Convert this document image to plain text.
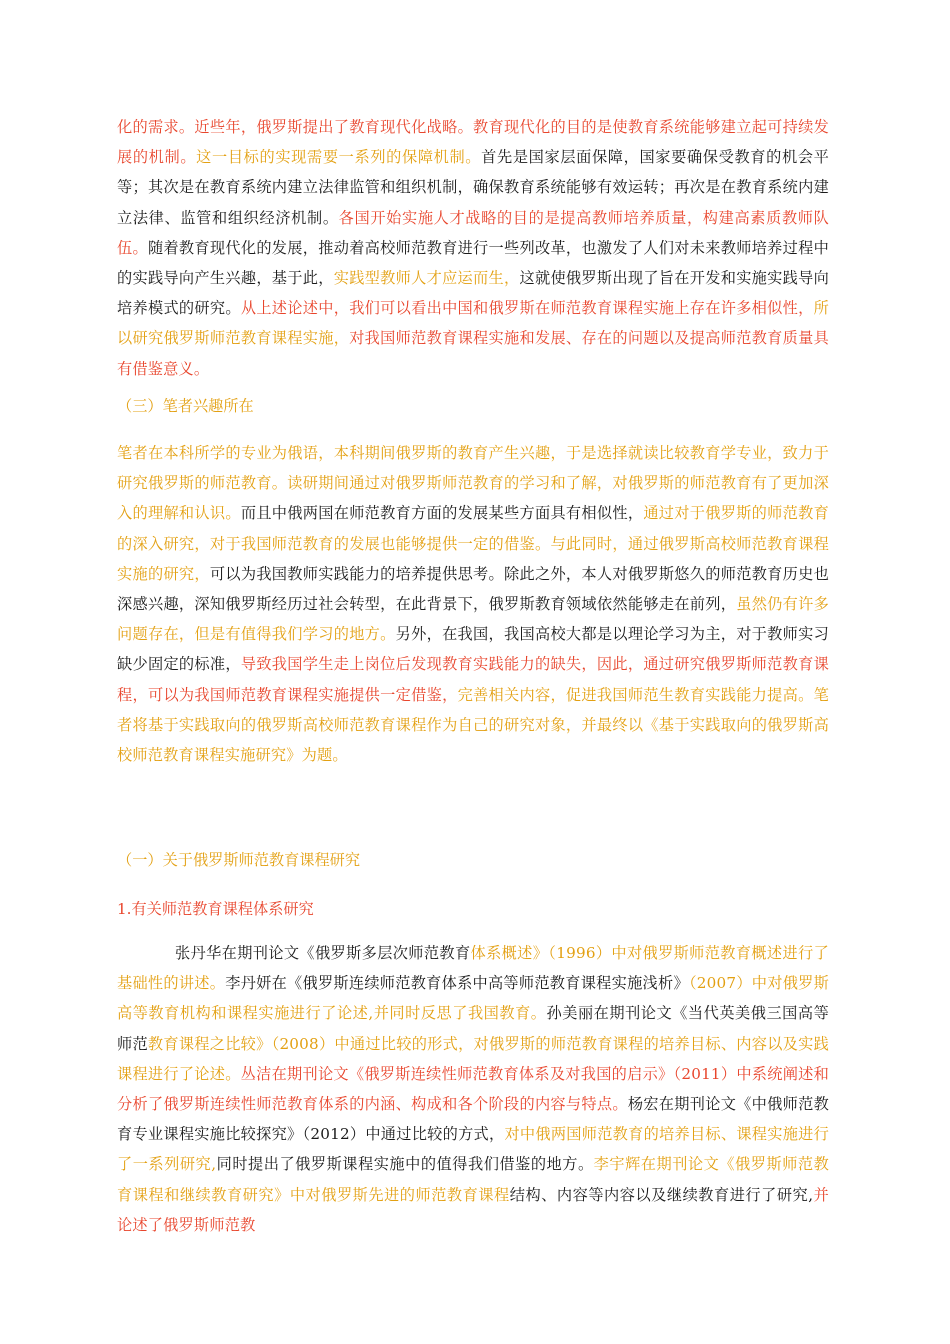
化的需求。近些年，俄罗斯提出了教育现代化战略。教育现代化的目的是使教育系统能够建立起可持续发展的机制。这一目标的实现需要一系列的保障机制。首先是国家层面保障，国家要确保受教育的机会平等；其次是在教育系统内建立法律监管和组织机制，确保教育系统能够有效运转；再次是在教育系统内建立法律、监管和组织经济机制。各国开始实施人才战略的目的是提高教师培养质量，构建高素质教师队伍。随着教育现代化的发展，推动着高校师范教育进行一些列改革，也激发了人们对未来教师培养过程中的实践导向产生兴趣，基于此，实践型教师人才应运而生，这就使俄罗斯出现了旨在开发和实施实践导向培养模式的研究。从上述论述中，我们可以看出中国和俄罗斯在师范教育课程实施上存在许多相似性，所以研究俄罗斯师范教育课程实施，对我国师范教育课程实施和发展、存在的问题以及提高师范教育质量具有借鉴意义。

（三）笔者兴趣所在

笔者在本科所学的专业为俄语，本科期间俄罗斯的教育产生兴趣，于是选择就读比较教育学专业，致力于研究俄罗斯的师范教育。读研期间通过对俄罗斯师范教育的学习和了解，对俄罗斯的师范教育有了更加深入的理解和认识。而且中俄两国在师范教育方面的发展某些方面具有相似性，通过对于俄罗斯的师范教育的深入研究，对于我国师范教育的发展也能够提供一定的借鉴。与此同时，通过俄罗斯高校师范教育课程实施的研究，可以为我国教师实践能力的培养提供思考。除此之外，本人对俄罗斯悠久的师范教育历史也深感兴趣，深知俄罗斯经历过社会转型，在此背景下，俄罗斯教育领域依然能够走在前列，虽然仍有许多问题存在，但是有值得我们学习的地方。另外，在我国，我国高校大都是以理论学习为主，对于教师实习缺少固定的标准，导致我国学生走上岗位后发现教育实践能力的缺失，因此，通过研究俄罗斯师范教育课程，可以为我国师范教育课程实施提供一定借鉴，完善相关内容，促进我国师范生教育实践能力提高。笔者将基于实践取向的俄罗斯高校师范教育课程作为自己的研究对象，并最终以《基于实践取向的俄罗斯高校师范教育课程实施研究》为题。

（一）关于俄罗斯师范教育课程研究

1.有关师范教育课程体系研究

张丹华在期刊论文《俄罗斯多层次师范教育体系概述》（1996）中对俄罗斯师范教育概述进行了基础性的讲述。李丹妍在《俄罗斯连续师范教育体系中高等师范教育课程实施浅析》（2007）中对俄罗斯高等教育机构和课程实施进行了论述,并同时反思了我国教育。孙美丽在期刊论文《当代英美俄三国高等师范教育课程之比较》（2008）中通过比较的形式，对俄罗斯的师范教育课程的培养目标、内容以及实践课程进行了论述。丛洁在期刊论文《俄罗斯连续性师范教育体系及对我国的启示》（2011）中系统阐述和分析了俄罗斯连续性师范教育体系的内涵、构成和各个阶段的内容与特点。杨宏在期刊论文《中俄师范教育专业课程实施比较探究》（2012）中通过比较的方式，对中俄两国师范教育的培养目标、课程实施进行了一系列研究,同时提出了俄罗斯课程实施中的值得我们借鉴的地方。李宇辉在期刊论文《俄罗斯师范教育课程和继续教育研究》中对俄罗斯先进的师范教育课程结构、内容等内容以及继续教育进行了研究,并论述了俄罗斯师范教
